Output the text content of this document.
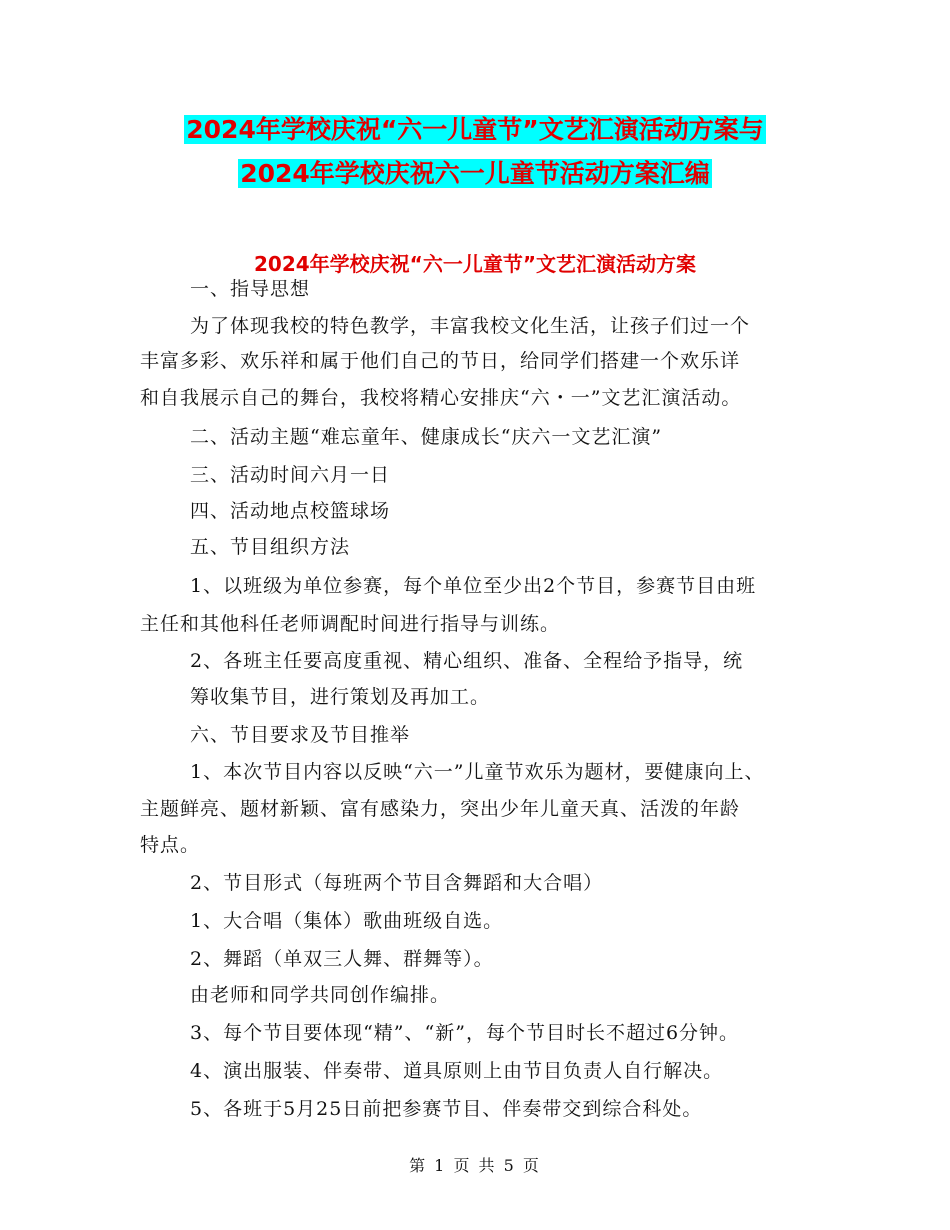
2024年学校庆祝“六一儿童节”文艺汇演活动方案与
2024年学校庆祝六一儿童节活动方案汇编
2024年学校庆祝“六一儿童节”文艺汇演活动方案
一、指导思想
为了体现我校的特色教学，丰富我校文化生活，让孩子们过一个
丰富多彩、欢乐祥和属于他们自己的节日，给同学们搭建一个欢乐详
和自我展示自己的舞台，我校将精心安排庆“六・一”文艺汇演活动。
二、活动主题“难忘童年、健康成长“庆六一文艺汇演”
三、活动时间六月一日
四、活动地点校篮球场
五、节目组织方法
1、以班级为单位参赛，每个单位至少出2个节目，参赛节目由班
主任和其他科任老师调配时间进行指导与训练。
2、各班主任要高度重视、精心组织、准备、全程给予指导，统
筹收集节目，进行策划及再加工。
六、节目要求及节目推举
1、本次节目内容以反映“六一”儿童节欢乐为题材，要健康向上、
主题鲜亮、题材新颖、富有感染力，突出少年儿童天真、活泼的年龄
特点。
2、节目形式（每班两个节目含舞蹈和大合唱）
1、大合唱（集体）歌曲班级自选。
2、舞蹈（单双三人舞、群舞等）。
由老师和同学共同创作编排。
3、每个节目要体现“精”、“新”，每个节目时长不超过6分钟。
4、演出服装、伴奏带、道具原则上由节目负责人自行解决。
5、各班于5月25日前把参赛节目、伴奏带交到综合科处。
第 1 页 共 5 页
